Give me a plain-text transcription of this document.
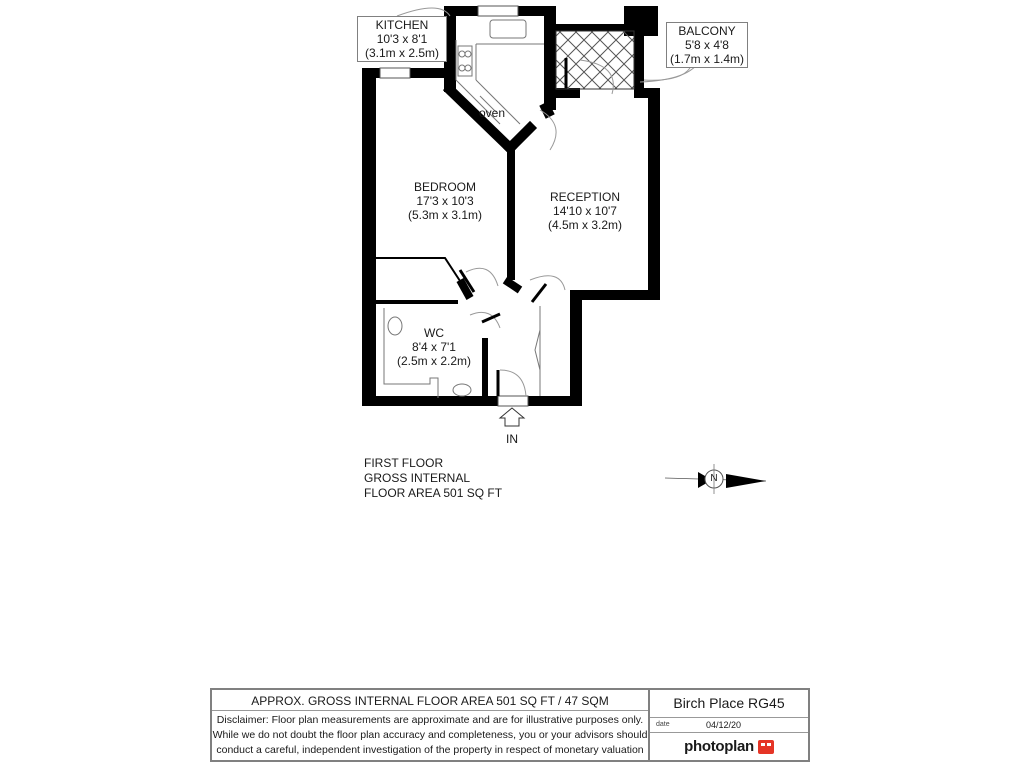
KITCHEN
10'3 x 8'1
(3.1m x 2.5m)
BALCONY
5'8 x 4'8
(1.7m x 1.4m)
BEDROOM
17'3 x 10'3
(5.3m x 3.1m)
RECEPTION
14'10 x 10'7
(4.5m x 3.2m)
WC
8'4 x 7'1
(2.5m x 2.2m)
oven
IN
N
FIRST FLOOR
GROSS INTERNAL
FLOOR AREA 501 SQ FT
APPROX. GROSS INTERNAL FLOOR AREA 501 SQ FT / 47 SQM
Disclaimer: Floor plan measurements are approximate and are for illustrative purposes only.
While we do not doubt the floor plan accuracy and completeness, you or your advisors should
conduct a careful, independent investigation of the property in respect of monetary valuation
Birch Place RG45
date	04/12/20
photoplan
